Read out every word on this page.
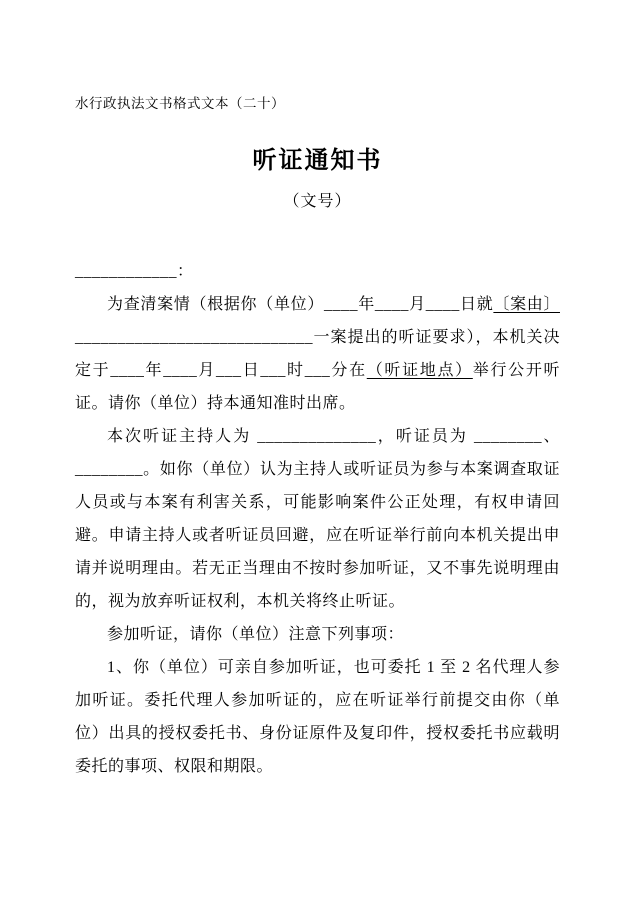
水行政执法文书格式文本（二十）
听证通知书
（文号）

____________：

为查清案情（根据你（单位）____年____月____日就〔案由〕____________________________一案提出的听证要求），本机关决定于____年____月___日___时___分在（听证地点）举行公开听证。请你（单位）持本通知准时出席。

本次听证主持人为 ______________，听证员为 ________、________。如你（单位）认为主持人或听证员为参与本案调查取证人员或与本案有利害关系，可能影响案件公正处理，有权申请回避。申请主持人或者听证员回避，应在听证举行前向本机关提出申请并说明理由。若无正当理由不按时参加听证，又不事先说明理由的，视为放弃听证权利，本机关将终止听证。

参加听证，请你（单位）注意下列事项：

1、你（单位）可亲自参加听证，也可委托 1 至 2 名代理人参加听证。委托代理人参加听证的，应在听证举行前提交由你（单位）出具的授权委托书、身份证原件及复印件，授权委托书应载明委托的事项、权限和期限。
